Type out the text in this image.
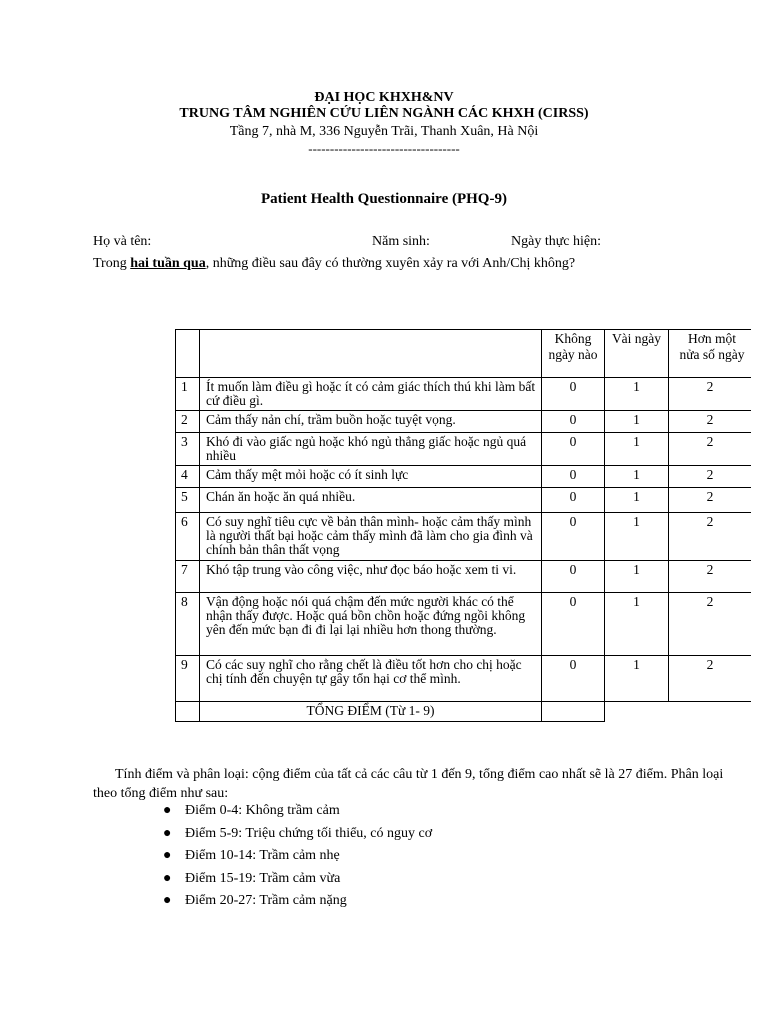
ĐẠI HỌC KHXH&NV
TRUNG TÂM NGHIÊN CỨU LIÊN NGÀNH CÁC KHXH (CIRSS)
Tầng 7, nhà M, 336 Nguyễn Trãi, Thanh Xuân, Hà Nội
-----------------------------------
Patient Health Questionnaire (PHQ-9)
Họ và tên:	Năm sinh:	Ngày thực hiện:
Trong hai tuần qua, những điều sau đây có thường xuyên xảy ra với Anh/Chị không?
		Không ngày nào	Vài ngày	Hơn một nửa số ngày

1	Ít muốn làm điều gì hoặc ít có cảm giác thích thú khi làm bất cứ điều gì.	0	1	2
2	Cảm thấy nản chí, trầm buồn hoặc tuyệt vọng.	0	1	2
3	Khó đi vào giấc ngủ hoặc khó ngủ thẳng giấc hoặc ngủ quá nhiều	0	1	2
4	Cảm thấy mệt mỏi hoặc có ít sinh lực	0	1	2
5	Chán ăn hoặc ăn quá nhiều.	0	1	2
6	Có suy nghĩ tiêu cực về bản thân mình- hoặc cảm thấy mình là người thất bại hoặc cảm thấy mình đã làm cho gia đình và chính bản thân thất vọng	0	1	2
7	Khó tập trung vào công việc, như đọc báo hoặc xem ti vi.	0	1	2
8	Vận động hoặc nói quá chậm đến mức người khác có thể nhận thấy được. Hoặc quá bồn chồn hoặc đứng ngồi không yên đến mức bạn đi đi lại lại nhiều hơn thong thường.	0	1	2
9	Có các suy nghĩ cho rằng chết là điều tốt hơn cho chị hoặc chị tính đến chuyện tự gây tổn hại cơ thể mình.	0	1	2
	TỔNG ĐIỂM (Từ 1- 9)			

Tính điểm và phân loại: cộng điểm của tất cả các câu từ 1 đến 9, tổng điểm cao nhất sẽ là 27 điểm. Phân loại theo tổng điểm như sau:

● Điểm 0-4: Không trầm cảm
● Điểm 5-9: Triệu chứng tối thiểu, có nguy cơ
● Điểm 10-14: Trầm cảm nhẹ
● Điểm 15-19: Trầm cảm vừa
● Điểm 20-27: Trầm cảm nặng
